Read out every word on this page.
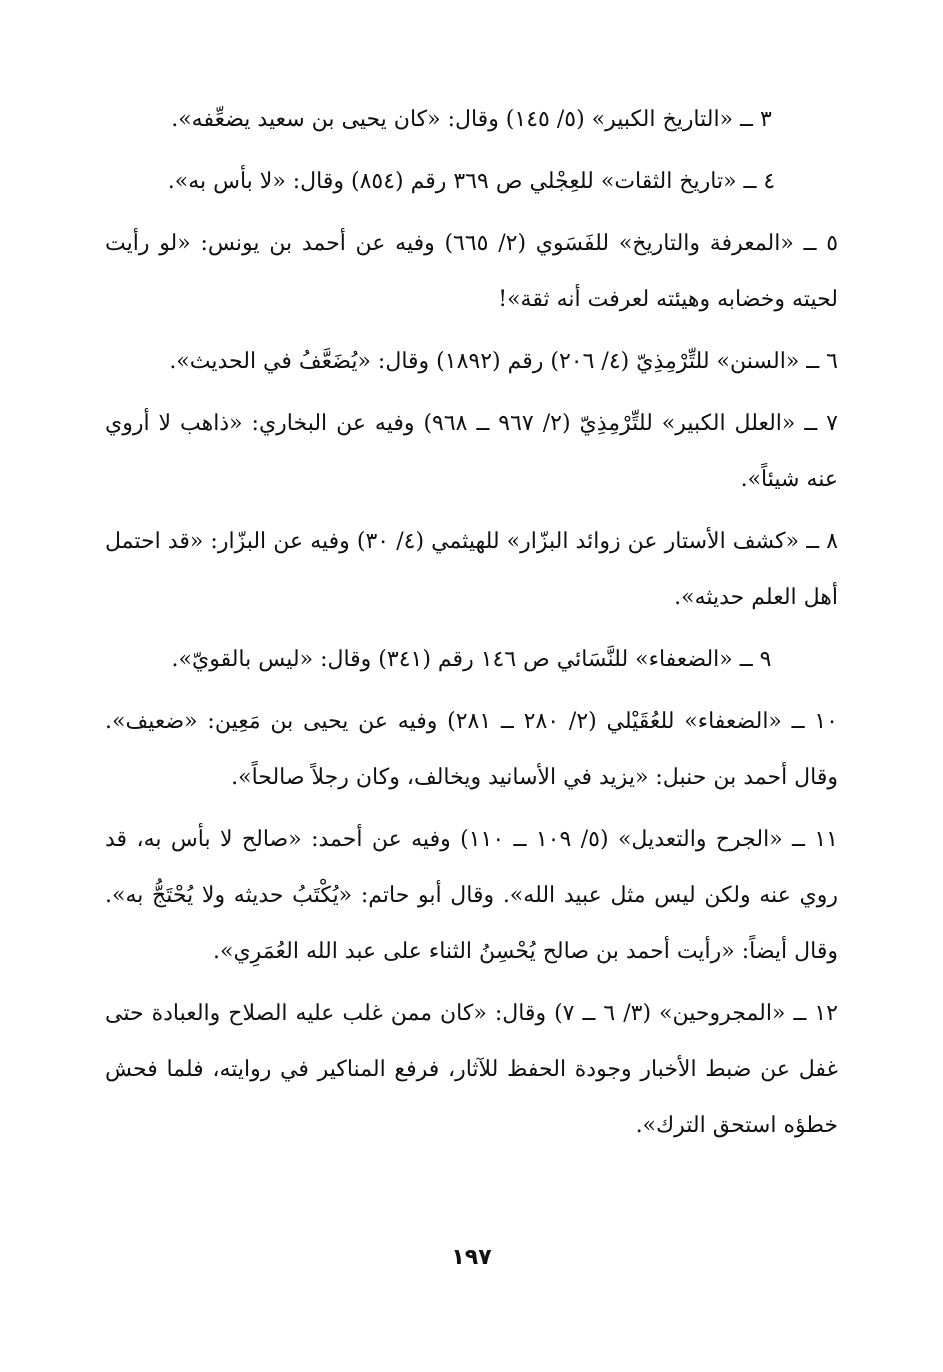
٣ ــ «التاريخ الكبير» (٥/ ١٤٥) وقال: «كان يحيى بن سعيد يضعِّفه».

٤ ــ «تاريخ الثقات» للعِجْلي ص ٣٦٩ رقم (٨٥٤) وقال: «لا بأس به».

٥ ــ «المعرفة والتاريخ» للفَسَوي (٢/ ٦٦٥) وفيه عن أحمد بن يونس: «لو رأيت لحيته وخضابه وهيئته لعرفت أنه ثقة»!

٦ ــ «السنن» للتِّرْمِذِيّ (٤/ ٢٠٦) رقم (١٨٩٢) وقال: «يُضَعَّفُ في الحديث».

٧ ــ «العلل الكبير» للتِّرْمِذِيّ (٢/ ٩٦٧ ــ ٩٦٨) وفيه عن البخاري: «ذاهب لا أروي عنه شيئاً».

٨ ــ «كشف الأستار عن زوائد البزّار» للهيثمي (٤/ ٣٠) وفيه عن البزّار: «قد احتمل أهل العلم حديثه».

٩ ــ «الضعفاء» للنَّسَائي ص ١٤٦ رقم (٣٤١) وقال: «ليس بالقويّ».

١٠ ــ «الضعفاء» للعُقَيْلي (٢/ ٢٨٠ ــ ٢٨١) وفيه عن يحيى بن مَعِين: «ضعيف». وقال أحمد بن حنبل: «يزيد في الأسانيد ويخالف، وكان رجلاً صالحاً».

١١ ــ «الجرح والتعديل» (٥/ ١٠٩ ــ ١١٠) وفيه عن أحمد: «صالح لا بأس به، قد روي عنه ولكن ليس مثل عبيد الله». وقال أبو حاتم: «يُكْتَبُ حديثه ولا يُحْتَجُّ به». وقال أيضاً: «رأيت أحمد بن صالح يُحْسِنُ الثناء على عبد الله العُمَرِي».

١٢ ــ «المجروحين» (٣/ ٦ ــ ٧) وقال: «كان ممن غلب عليه الصلاح والعبادة حتى غفل عن ضبط الأخبار وجودة الحفظ للآثار، فرفع المناكير في روايته، فلما فحش خطؤه استحق الترك».

١٩٧
